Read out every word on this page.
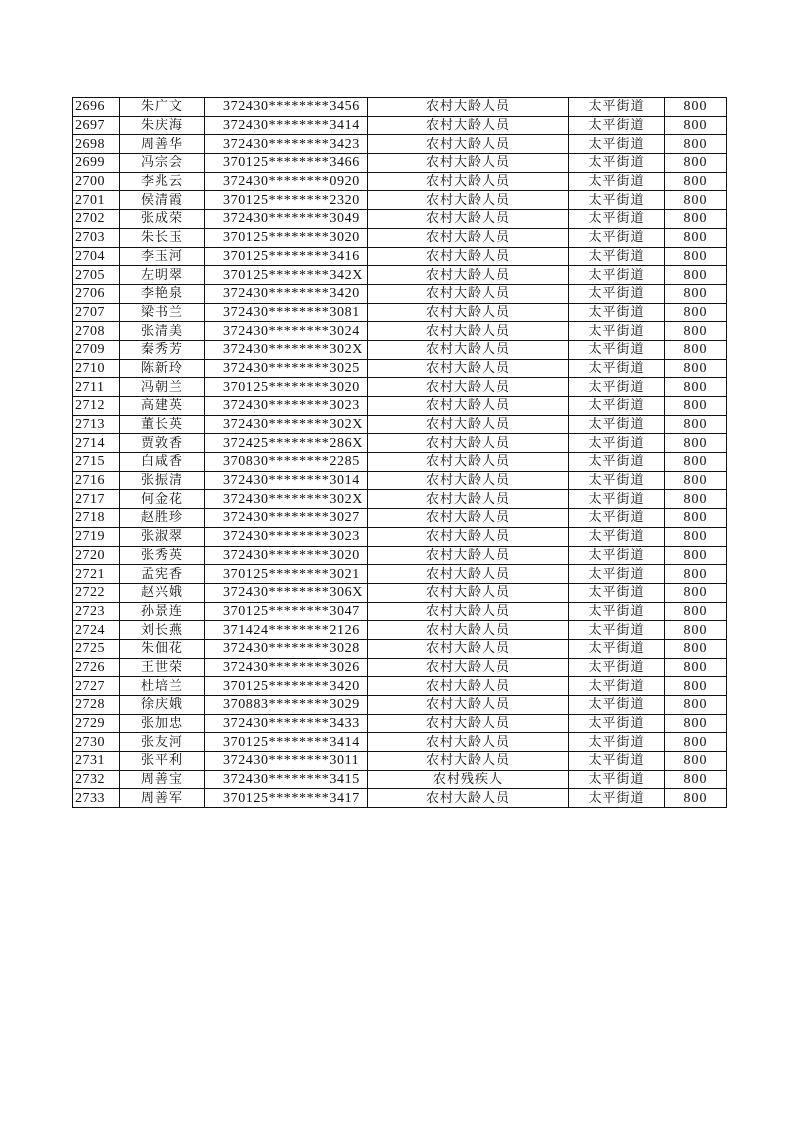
2696	朱广文	372430********3456	农村大龄人员	太平街道	800
2697	朱庆海	372430********3414	农村大龄人员	太平街道	800
2698	周善华	372430********3423	农村大龄人员	太平街道	800
2699	冯宗会	370125********3466	农村大龄人员	太平街道	800
2700	李兆云	372430********0920	农村大龄人员	太平街道	800
2701	侯清霞	370125********2320	农村大龄人员	太平街道	800
2702	张成荣	372430********3049	农村大龄人员	太平街道	800
2703	朱长玉	370125********3020	农村大龄人员	太平街道	800
2704	李玉河	370125********3416	农村大龄人员	太平街道	800
2705	左明翠	370125********342X	农村大龄人员	太平街道	800
2706	李艳泉	372430********3420	农村大龄人员	太平街道	800
2707	梁书兰	372430********3081	农村大龄人员	太平街道	800
2708	张清美	372430********3024	农村大龄人员	太平街道	800
2709	秦秀芳	372430********302X	农村大龄人员	太平街道	800
2710	陈新玲	372430********3025	农村大龄人员	太平街道	800
2711	冯朝兰	370125********3020	农村大龄人员	太平街道	800
2712	高建英	372430********3023	农村大龄人员	太平街道	800
2713	董长英	372430********302X	农村大龄人员	太平街道	800
2714	贾敦香	372425********286X	农村大龄人员	太平街道	800
2715	白咸香	370830********2285	农村大龄人员	太平街道	800
2716	张振清	372430********3014	农村大龄人员	太平街道	800
2717	何金花	372430********302X	农村大龄人员	太平街道	800
2718	赵胜珍	372430********3027	农村大龄人员	太平街道	800
2719	张淑翠	372430********3023	农村大龄人员	太平街道	800
2720	张秀英	372430********3020	农村大龄人员	太平街道	800
2721	孟宪香	370125********3021	农村大龄人员	太平街道	800
2722	赵兴娥	372430********306X	农村大龄人员	太平街道	800
2723	孙景连	370125********3047	农村大龄人员	太平街道	800
2724	刘长燕	371424********2126	农村大龄人员	太平街道	800
2725	朱佃花	372430********3028	农村大龄人员	太平街道	800
2726	王世荣	372430********3026	农村大龄人员	太平街道	800
2727	杜培兰	370125********3420	农村大龄人员	太平街道	800
2728	徐庆娥	370883********3029	农村大龄人员	太平街道	800
2729	张加忠	372430********3433	农村大龄人员	太平街道	800
2730	张友河	370125********3414	农村大龄人员	太平街道	800
2731	张平利	372430********3011	农村大龄人员	太平街道	800
2732	周善宝	372430********3415	农村残疾人	太平街道	800
2733	周善军	370125********3417	农村大龄人员	太平街道	800
